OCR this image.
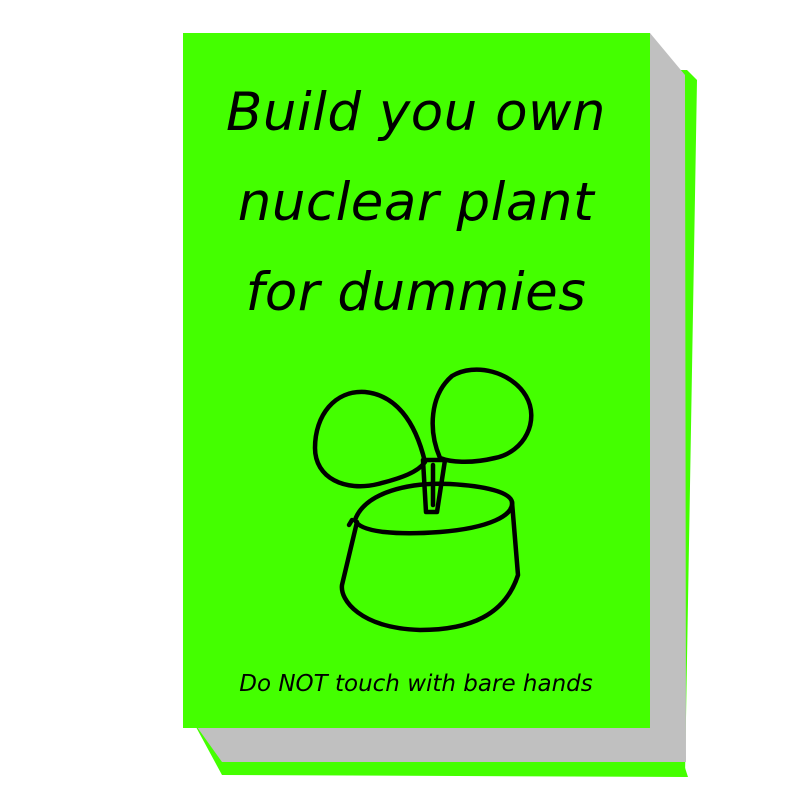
Build you own
nuclear plant
for dummies
Do NOT touch with bare hands
